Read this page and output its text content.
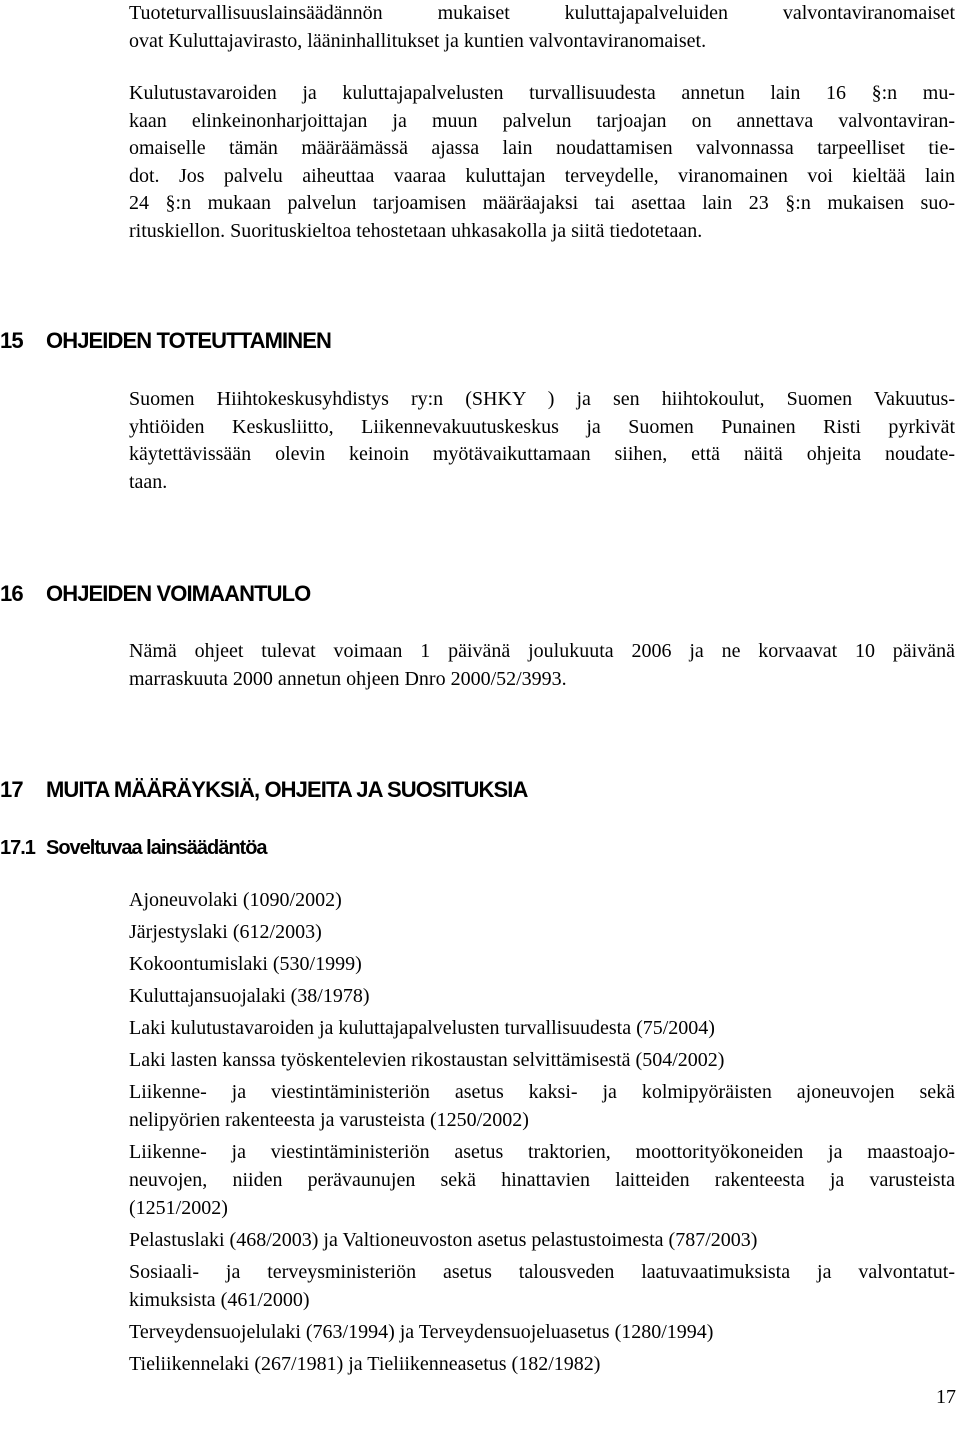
Tuoteturvallisuuslainsäädännön mukaiset kuluttajapalveluiden valvontaviranomaiset
ovat Kuluttajavirasto, lääninhallitukset ja kuntien valvontaviranomaiset.

Kulutustavaroiden ja kuluttajapalvelusten turvallisuudesta annetun lain 16 §:n mu-
kaan elinkeinonharjoittajan ja muun palvelun tarjoajan on annettava valvontaviran-
omaiselle tämän määräämässä ajassa lain noudattamisen valvonnassa tarpeelliset tie-
dot. Jos palvelu aiheuttaa vaaraa kuluttajan terveydelle, viranomainen voi kieltää lain
24 §:n mukaan palvelun tarjoamisen määräajaksi tai asettaa lain 23 §:n mukaisen suo-
rituskiellon. Suorituskieltoa tehostetaan uhkasakolla ja siitä tiedotetaan.

15 OHJEIDEN TOTEUTTAMINEN

Suomen Hiihtokeskusyhdistys ry:n (SHKY ) ja sen hiihtokoulut, Suomen Vakuutus-
yhtiöiden Keskusliitto, Liikennevakuutuskeskus ja Suomen Punainen Risti pyrkivät
käytettävissään olevin keinoin myötävaikuttamaan siihen, että näitä ohjeita noudate-
taan.

16 OHJEIDEN VOIMAANTULO

Nämä ohjeet tulevat voimaan 1 päivänä joulukuuta 2006 ja ne korvaavat 10 päivänä
marraskuuta 2000 annetun ohjeen Dnro 2000/52/3993.

17 MUITA MÄÄRÄYKSIÄ, OHJEITA JA SUOSITUKSIA
17.1 Soveltuvaa lainsäädäntöa
Ajoneuvolaki (1090/2002)
Järjestyslaki (612/2003)
Kokoontumislaki (530/1999)
Kuluttajansuojalaki (38/1978)
Laki kulutustavaroiden ja kuluttajapalvelusten turvallisuudesta (75/2004)
Laki lasten kanssa työskentelevien rikostaustan selvittämisestä (504/2002)
Liikenne- ja viestintäministeriön asetus kaksi- ja kolmipyöräisten ajoneuvojen sekä
nelipyörien rakenteesta ja varusteista (1250/2002)
Liikenne- ja viestintäministeriön asetus traktorien, moottorityökoneiden ja maastoajo-
neuvojen, niiden perävaunujen sekä hinattavien laitteiden rakenteesta ja varusteista
(1251/2002)
Pelastuslaki (468/2003) ja Valtioneuvoston asetus pelastustoimesta (787/2003)
Sosiaali- ja terveysministeriön asetus talousveden laatuvaatimuksista ja valvontatut-
kimuksista (461/2000)
Terveydensuojelulaki (763/1994) ja Terveydensuojeluasetus (1280/1994)
Tieliikennelaki (267/1981) ja Tieliikenneasetus (182/1982)
17
